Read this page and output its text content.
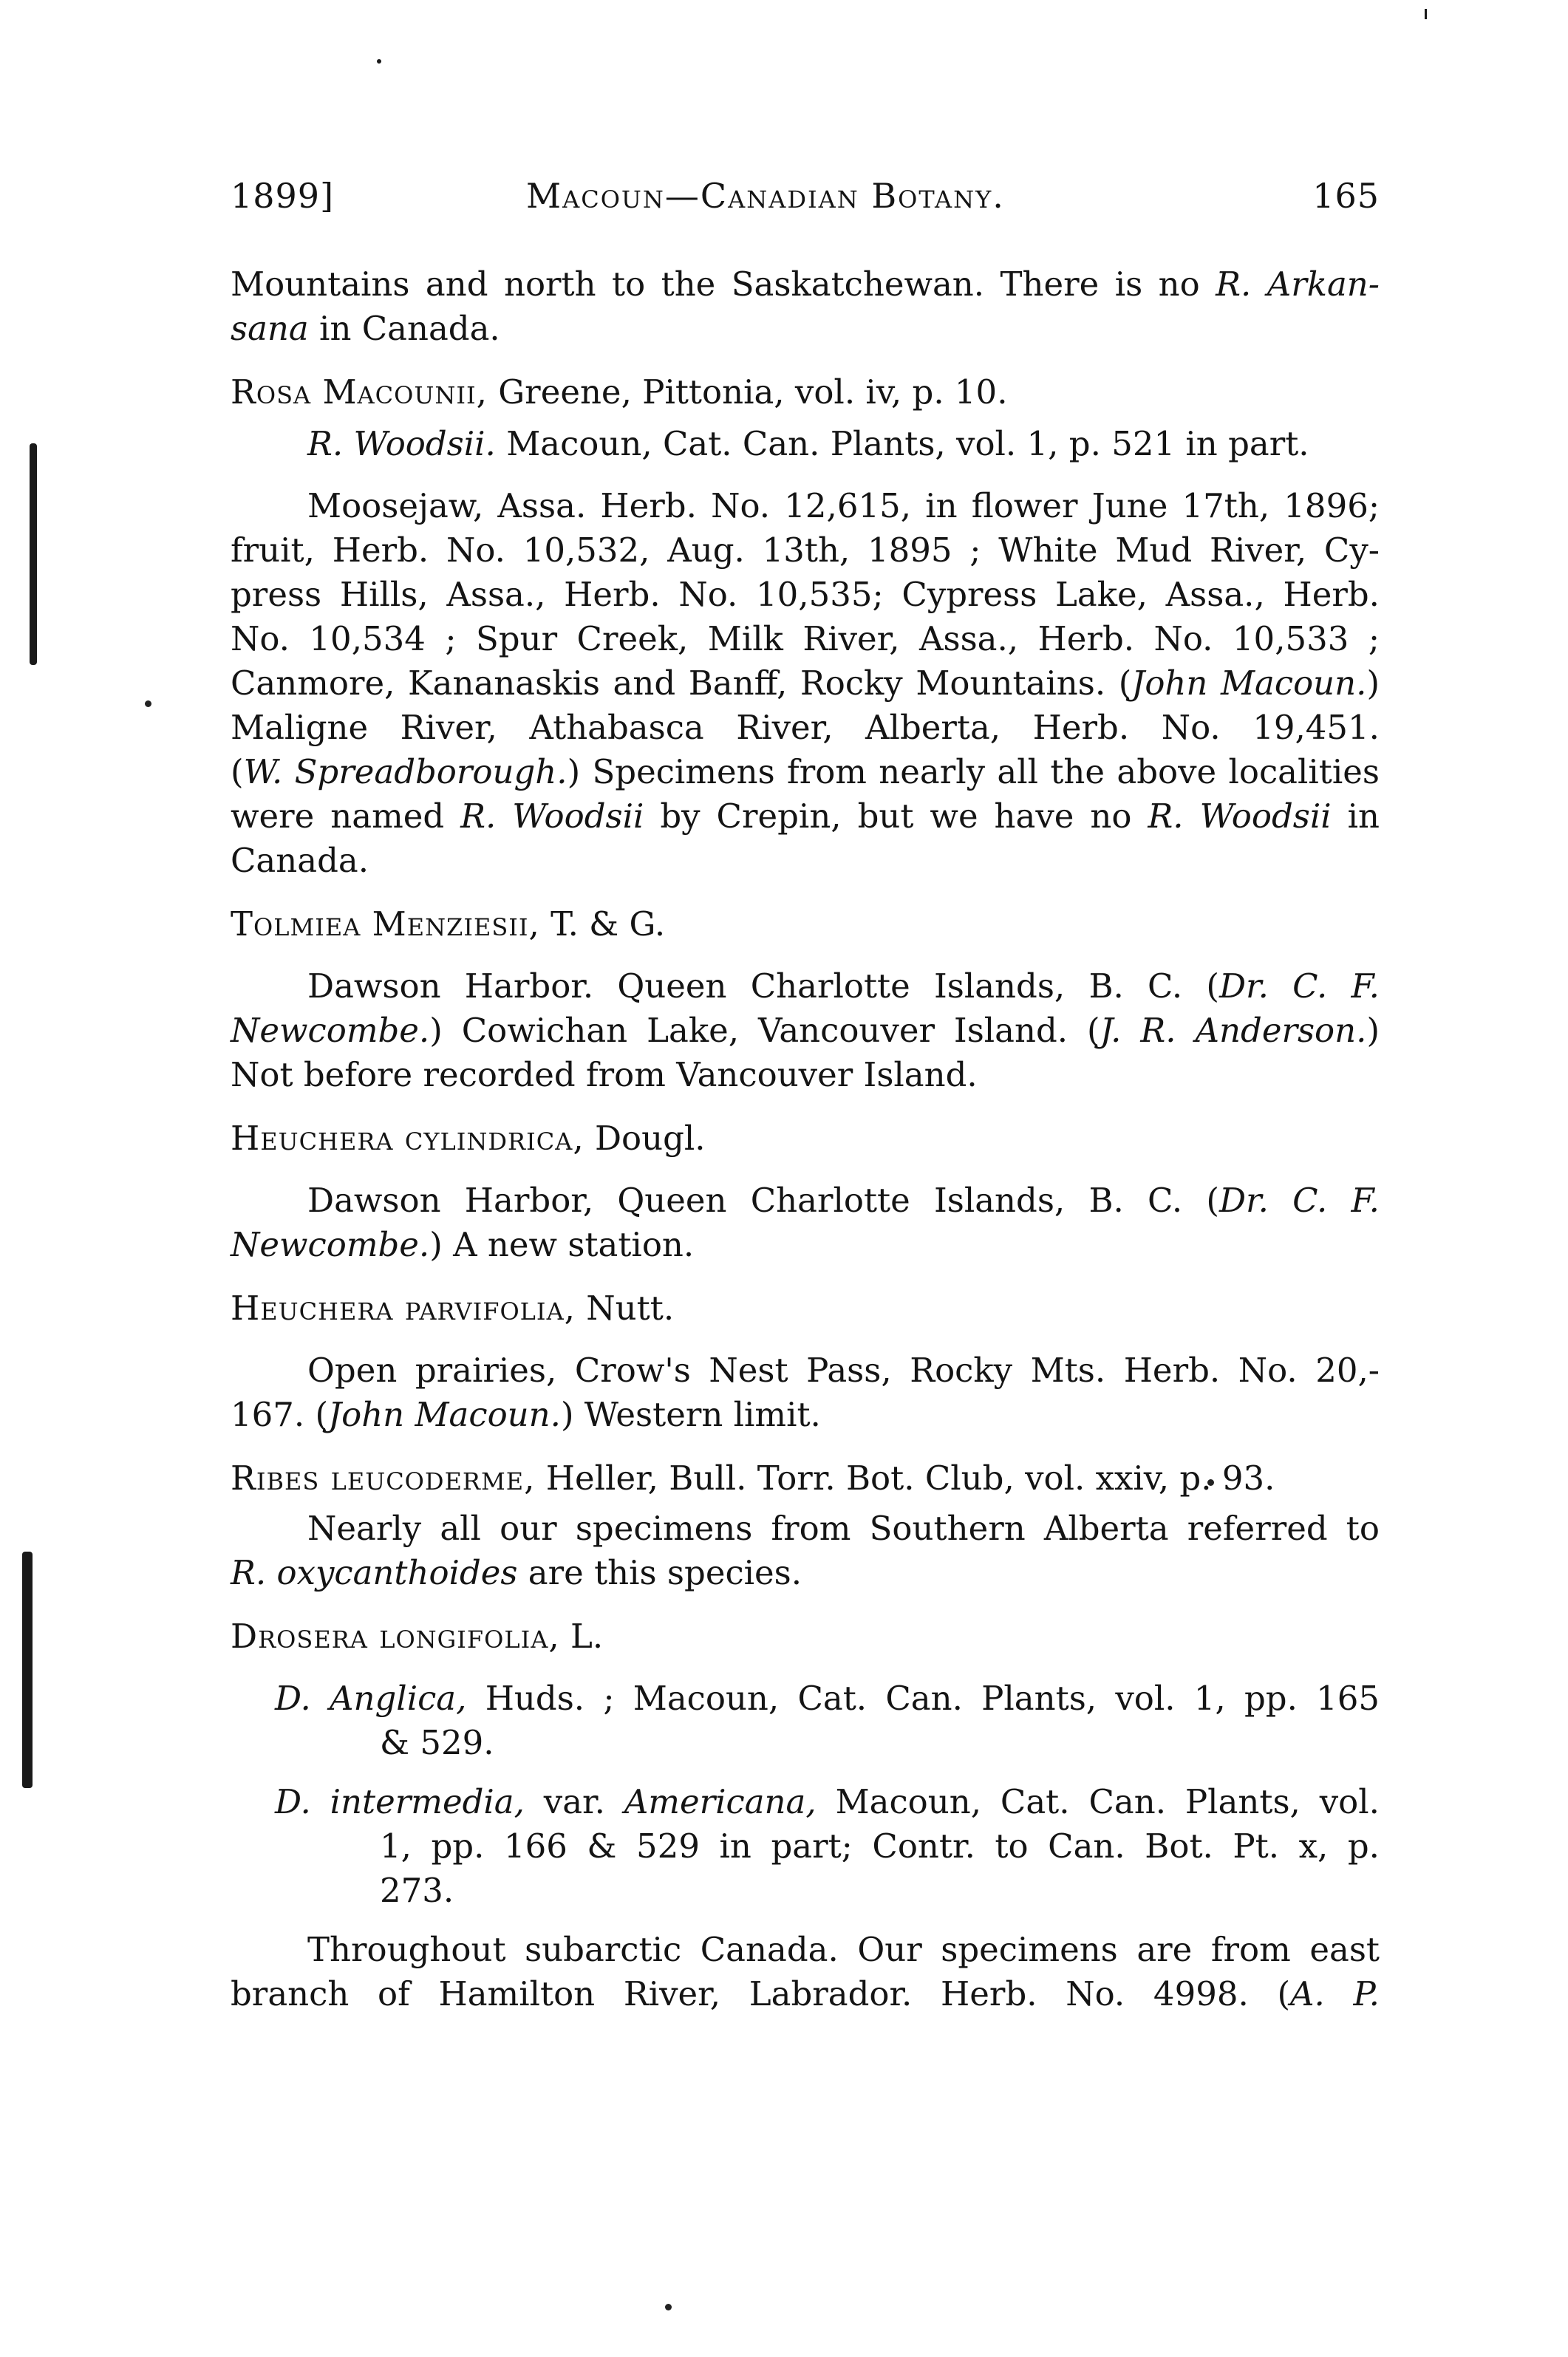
1899]	Macoun—Canadian Botany.	165
Mountains and north to the Saskatchewan. There is no R. Arkan-
sana in Canada.
Rosa Macounii, Greene, Pittonia, vol. iv, p. 10.
R. Woodsii. Macoun, Cat. Can. Plants, vol. 1, p. 521 in part.
Moosejaw, Assa. Herb. No. 12,615, in flower June 17th, 1896;
fruit, Herb. No. 10,532, Aug. 13th, 1895 ; White Mud River, Cy-
press Hills, Assa., Herb. No. 10,535; Cypress Lake, Assa., Herb.
No. 10,534 ; Spur Creek, Milk River, Assa., Herb. No. 10,533 ;
Canmore, Kananaskis and Banff, Rocky Mountains. (John Macoun.)
Maligne River, Athabasca River, Alberta, Herb. No. 19,451.
(W. Spreadborough.) Specimens from nearly all the above localities
were named R. Woodsii by Crepin, but we have no R. Woodsii in
Canada.
Tolmiea Menziesii, T. & G.
Dawson Harbor. Queen Charlotte Islands, B. C. (Dr. C. F.
Newcombe.) Cowichan Lake, Vancouver Island. (J. R. Anderson.)
Not before recorded from Vancouver Island.
Heuchera cylindrica, Dougl.
Dawson Harbor, Queen Charlotte Islands, B. C. (Dr. C. F.
Newcombe.) A new station.
Heuchera parvifolia, Nutt.
Open prairies, Crow's Nest Pass, Rocky Mts. Herb. No. 20,-
167. (John Macoun.) Western limit.
Ribes leucoderme, Heller, Bull. Torr. Bot. Club, vol. xxiv, p. 93.
Nearly all our specimens from Southern Alberta referred to
R. oxycanthoides are this species.
Drosera longifolia, L.
D. Anglica, Huds. ; Macoun, Cat. Can. Plants, vol. 1, pp. 165
& 529.
D. intermedia, var. Americana, Macoun, Cat. Can. Plants, vol.
1, pp. 166 & 529 in part; Contr. to Can. Bot. Pt. x, p.
273.
Throughout subarctic Canada. Our specimens are from east
branch of Hamilton River, Labrador. Herb. No. 4998. (A. P.
